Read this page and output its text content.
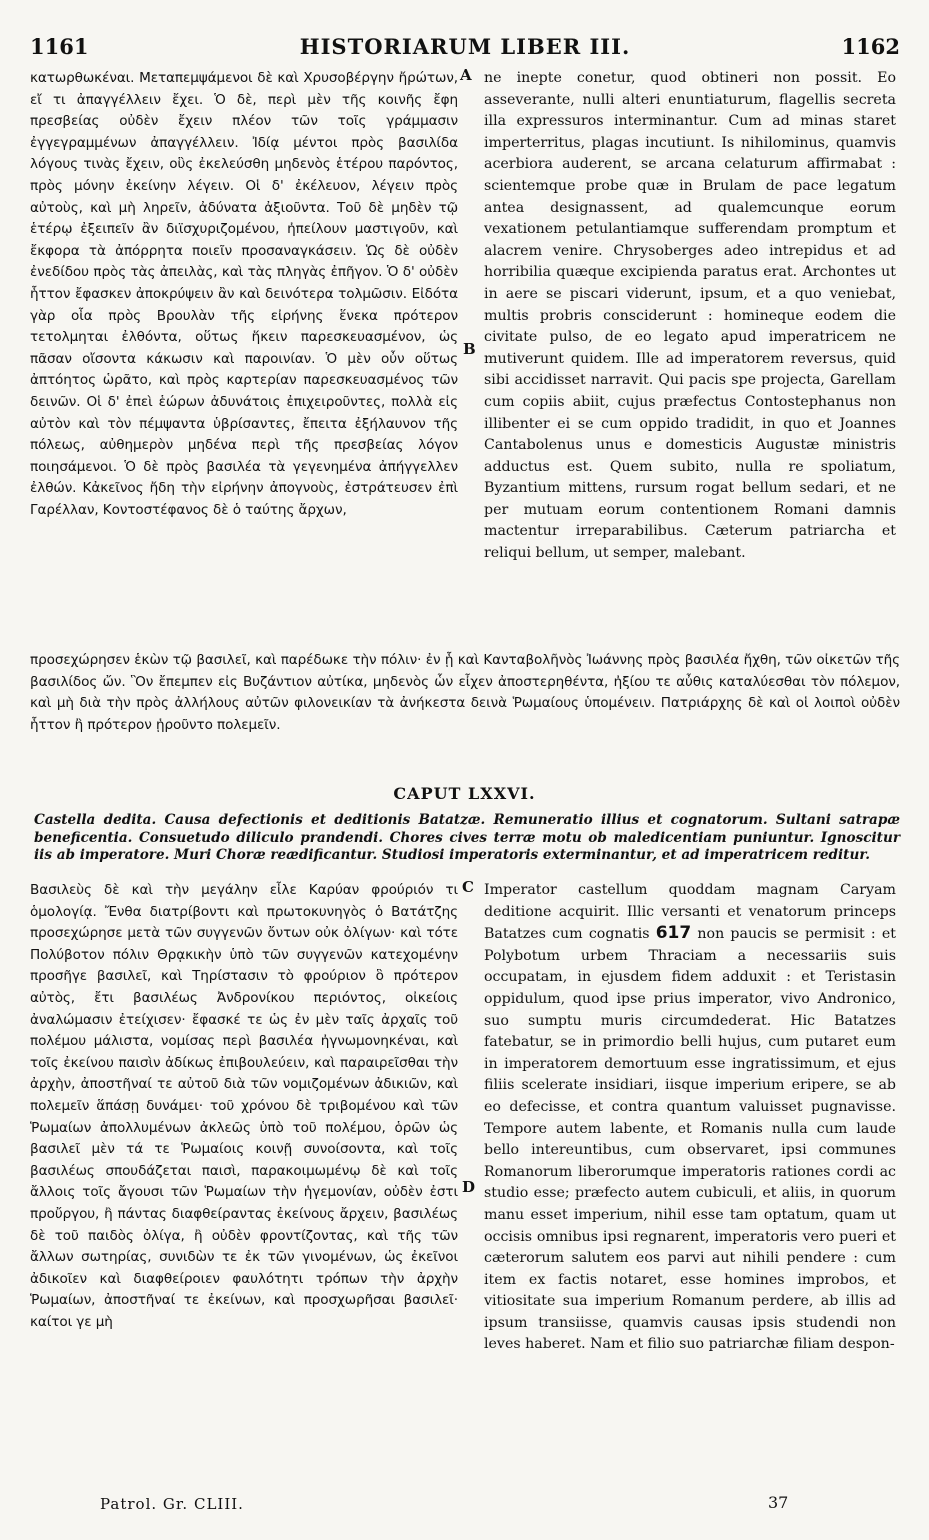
1161	HISTORIARUM LIBER III.	1162

κατωρθωκέναι. Μεταπεμψάμενοι δὲ καὶ Χρυσοβέργην ἤρώτων, εἴ τι ἀπαγγέλλειν ἔχει. Ὁ δὲ, περὶ μὲν τῆς κοινῆς ἔφη πρεσβείας οὐδὲν ἔχειν πλέον τῶν τοῖς γράμμασιν ἐγγεγραμμένων ἀπαγγέλλειν. Ἰδίᾳ μέντοι πρὸς βασιλίδα λόγους τινὰς ἔχειν, οὓς ἐκελεύσθη μηδενὸς ἑτέρου παρόντος, πρὸς μόνην ἐκείνην λέγειν. Οἱ δ' ἐκέλευον, λέγειν πρὸς αὐτοὺς, καὶ μὴ ληρεῖν, ἀδύνατα ἀξιοῦντα. Τοῦ δὲ μηδὲν τῷ ἑτέρῳ ἐξειπεῖν ἂν διϊσχυριζομένου, ἠπείλουν μαστιγοῦν, καὶ ἔκφορα τὰ ἀπόρρητα ποιεῖν προσαναγκάσειν. Ὡς δὲ οὐδὲν ἐνεδίδου πρὸς τὰς ἀπειλὰς, καὶ τὰς πληγὰς ἐπῆγον. Ὁ δ' οὐδὲν ἧττον ἔφασκεν ἀποκρύψειν ἂν καὶ δεινότερα τολμῶσιν. Εἰδότα γὰρ οἷα πρὸς Βρουλὰν τῆς εἰρήνης ἕνεκα πρότερον τετολμηται ἐλθόντα, οὕτως ἥκειν παρεσκευασμένον, ὡς πᾶσαν οἴσοντα κάκωσιν καὶ παροινίαν. Ὁ μὲν οὖν οὕτως ἀπτόητος ὡρᾶτο, καὶ πρὸς καρτερίαν παρεσκευασμένος τῶν δεινῶν. Οἱ δ' ἐπεὶ ἑώρων ἀδυνάτοις ἐπιχειροῦντες, πολλὰ εἰς αὐτὸν καὶ τὸν πέμψαντα ὑβρίσαντες, ἔπειτα ἐξήλαυνον τῆς πόλεως, αὐθημερὸν μηδένα περὶ τῆς πρεσβείας λόγον ποιησάμενοι. Ὁ δὲ πρὸς βασιλέα τὰ γεγενημένα ἀπήγγελλεν ἐλθών. Κἀκεῖνος ἤδη τὴν εἰρήνην ἀπογνοὺς, ἐστράτευσεν ἐπὶ Γαρέλλαν, Κοντοστέφανος δὲ ὁ ταύτης ἄρχων,

A
B

ne inepte conetur, quod obtineri non possit. Eo asseverante, nulli alteri enuntiaturum, flagellis secreta illa expressuros interminantur. Cum ad minas staret imperterritus, plagas incutiunt. Is nihilominus, quamvis acerbiora auderent, se arcana celaturum affirmabat : scientemque probe quæ in Brulam de pace legatum antea designassent, ad qualemcunque eorum vexationem petulantiamque sufferendam promptum et alacrem venire. Chrysoberges adeo intrepidus et ad horribilia quæque excipienda paratus erat. Archontes ut in aere se piscari viderunt, ipsum, et a quo veniebat, multis probris consciderunt : homineque eodem die civitate pulso, de eo legato apud imperatricem ne mutiverunt quidem. Ille ad imperatorem reversus, quid sibi accidisset narravit. Qui pacis spe projecta, Garellam cum copiis abiit, cujus præfectus Contostephanus non illibenter ei se cum oppido tradidit, in quo et Joannes Cantabolenus unus e domesticis Augustæ ministris adductus est. Quem subito, nulla re spoliatum, Byzantium mittens, rursum rogat bellum sedari, et ne per mutuam eorum contentionem Romani damnis mactentur irreparabilibus. Cæterum patriarcha et reliqui bellum, ut semper, malebant.

προσεχώρησεν ἑκὼν τῷ βασιλεῖ, καὶ παρέδωκε τὴν πόλιν· ἐν ᾗ καὶ Κανταβολη̃νὸς Ἰωάννης πρὸς βασιλέα ἤχθη, τῶν οἰκετῶν τῆς βασιλίδος ὤν. Ὃν ἔπεμπεν εἰς Βυζάντιον αὐτίκα, μηδενὸς ὧν εἶχεν ἀποστερηθέντα, ἠξίου τε αὖθις καταλύεσθαι τὸν πόλεμον, καὶ μὴ διὰ τὴν πρὸς ἀλλήλους αὐτῶν φιλονεικίαν τὰ ἀνήκεστα δεινὰ Ῥωμαίους ὑπομένειν. Πατριάρχης δὲ καὶ οἱ λοιποὶ οὐδὲν ἧττον ἢ πρότερον ᾑροῦντο πολεμεῖν.

CAPUT LXXVI.
Castella dedita. Causa defectionis et deditionis Batatzæ. Remuneratio illius et cognatorum. Sultani satrapæ beneficentia. Consuetudo diliculo prandendi. Chores cives terræ motu ob maledicentiam puniuntur. Ignoscitur iis ab imperatore. Muri Choræ reædificantur. Studiosi imperatoris exterminantur, et ad imperatricem reditur.

Βασιλεὺς δὲ καὶ τὴν μεγάλην εἷλε Καρύαν φρούριόν τι ὁμολογίᾳ. Ἔνθα διατρίβοντι καὶ πρωτοκυνηγὸς ὁ Βατάτζης προσεχώρησε μετὰ τῶν συγγενῶν ὄντων οὐκ ὀλίγων· καὶ τότε Πολύβοτον πόλιν Θρᾳκικὴν ὑπὸ τῶν συγγενῶν κατεχομένην προσῆγε βασιλεῖ, καὶ Τηρίστασιν τὸ φρούριον ὃ πρότερον αὐτὸς, ἔτι βασιλέως Ἀνδρονίκου περιόντος, οἰκείοις ἀναλώμασιν ἐτείχισεν· ἔφασκέ τε ὡς ἐν μὲν ταῖς ἀρχαῖς τοῦ πολέμου μάλιστα, νομίσας περὶ βασιλέα ἠγνωμονηκέναι, καὶ τοῖς ἐκείνου παισὶν ἀδίκως ἐπιβουλεύειν, καὶ παραιρεῖσθαι τὴν ἀρχὴν, ἀποστῆναί τε αὐτοῦ διὰ τῶν νομιζομένων ἀδικιῶν, καὶ πολεμεῖν ἅπάσῃ δυνάμει· τοῦ χρόνου δὲ τριβομένου καὶ τῶν Ῥωμαίων ἀπολλυμένων ἀκλεῶς ὑπὸ τοῦ πολέμου, ὁρῶν ὡς βασιλεῖ μὲν τά τε Ῥωμαίοις κοινῇ συνοίσοντα, καὶ τοῖς βασιλέως σπουδάζεται παισὶ, παρακοιμωμένῳ δὲ καὶ τοῖς ἄλλοις τοῖς ἄγουσι τῶν Ῥωμαίων τὴν ἡγεμονίαν, οὐδὲν ἐστι προὔργου, ἢ πάντας διαφθείραντας ἐκείνους ἄρχειν, βασιλέως δὲ τοῦ παιδὸς ὀλίγα, ἢ οὐδὲν φροντίζοντας, καὶ τῆς τῶν ἄλλων σωτηρίας, συνιδὼν τε ἐκ τῶν γινομένων, ὡς ἐκεῖνοι ἀδικοῖεν καὶ διαφθείροιεν φαυλότητι τρόπων τὴν ἀρχὴν Ῥωμαίων, ἀποστῆναί τε ἐκείνων, καὶ προσχωρῆσαι βασιλεῖ· καίτοι γε μὴ

C
D

Imperator castellum quoddam magnam Caryam deditione acquirit. Illic versanti et venatorum princeps Batatzes cum cognatis 617 non paucis se permisit : et Polybotum urbem Thraciam a necessariis suis occupatam, in ejusdem fidem adduxit : et Teristasin oppidulum, quod ipse prius imperator, vivo Andronico, suo sumptu muris circumdederat. Hic Batatzes fatebatur, se in primordio belli hujus, cum putaret eum in imperatorem demortuum esse ingratissimum, et ejus filiis scelerate insidiari, iisque imperium eripere, se ab eo defecisse, et contra quantum valuisset pugnavisse. Tempore autem labente, et Romanis nulla cum laude bello intereuntibus, cum observaret, ipsi communes Romanorum liberorumque imperatoris rationes cordi ac studio esse; præfecto autem cubiculi, et aliis, in quorum manu esset imperium, nihil esse tam optatum, quam ut occisis omnibus ipsi regnarent, imperatoris vero pueri et cæterorum salutem eos parvi aut nihili pendere : cum item ex factis notaret, esse homines improbos, et vitiositate sua imperium Romanum perdere, ab illis ad ipsum transiisse, quamvis causas ipsis studendi non leves haberet. Nam et filio suo patriarchæ filiam despon-

Patrol. Gr. CLIII.	37
